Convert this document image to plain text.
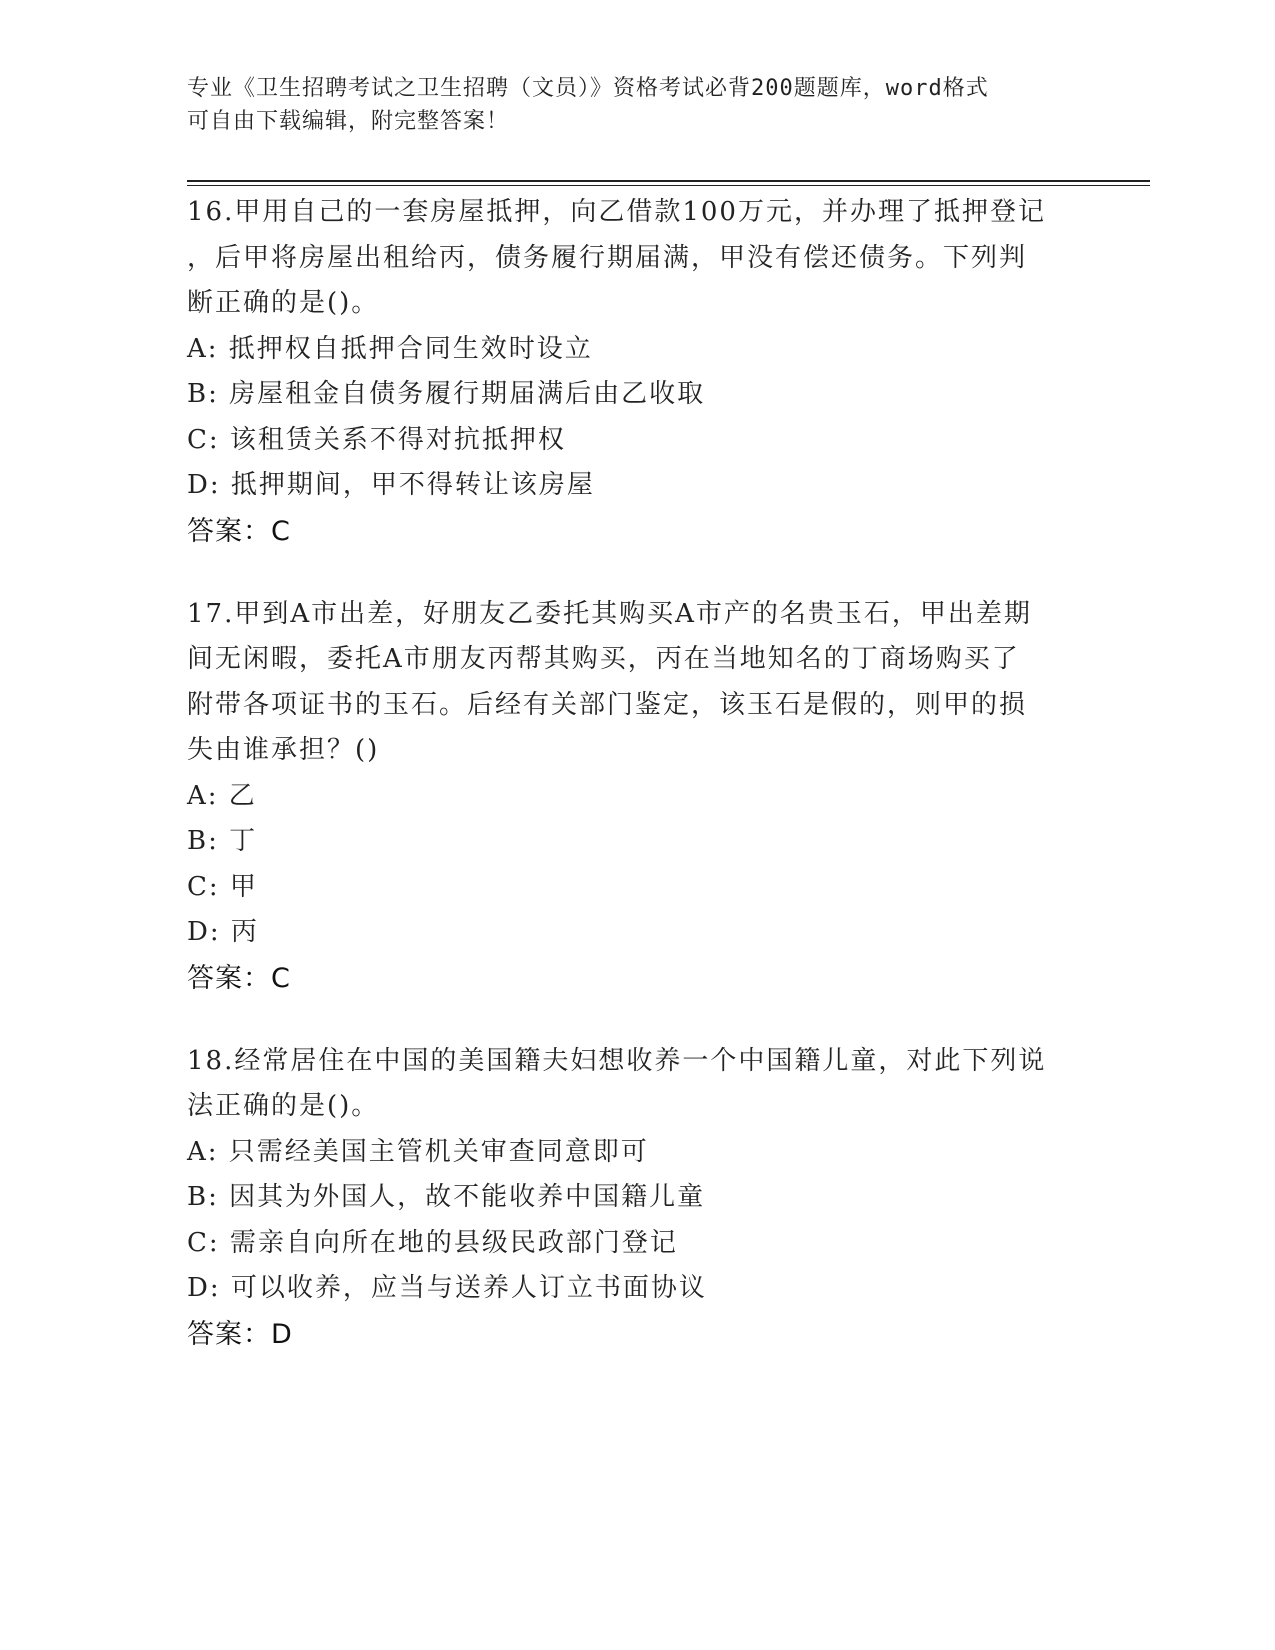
专业《卫生招聘考试之卫生招聘（文员）》资格考试必背200题题库，word格式
可自由下载编辑，附完整答案！
16.甲用自己的一套房屋抵押，向乙借款100万元，并办理了抵押登记
，后甲将房屋出租给丙，债务履行期届满，甲没有偿还债务。下列判
断正确的是()。
A: 抵押权自抵押合同生效时设立
B: 房屋租金自债务履行期届满后由乙收取
C: 该租赁关系不得对抗抵押权
D: 抵押期间，甲不得转让该房屋
答案：C
17.甲到A市出差，好朋友乙委托其购买A市产的名贵玉石，甲出差期
间无闲暇，委托A市朋友丙帮其购买，丙在当地知名的丁商场购买了
附带各项证书的玉石。后经有关部门鉴定，该玉石是假的，则甲的损
失由谁承担？()
A: 乙
B: 丁
C: 甲
D: 丙
答案：C
18.经常居住在中国的美国籍夫妇想收养一个中国籍儿童，对此下列说
法正确的是()。
A: 只需经美国主管机关审查同意即可
B: 因其为外国人，故不能收养中国籍儿童
C: 需亲自向所在地的县级民政部门登记
D: 可以收养，应当与送养人订立书面协议
答案：D
